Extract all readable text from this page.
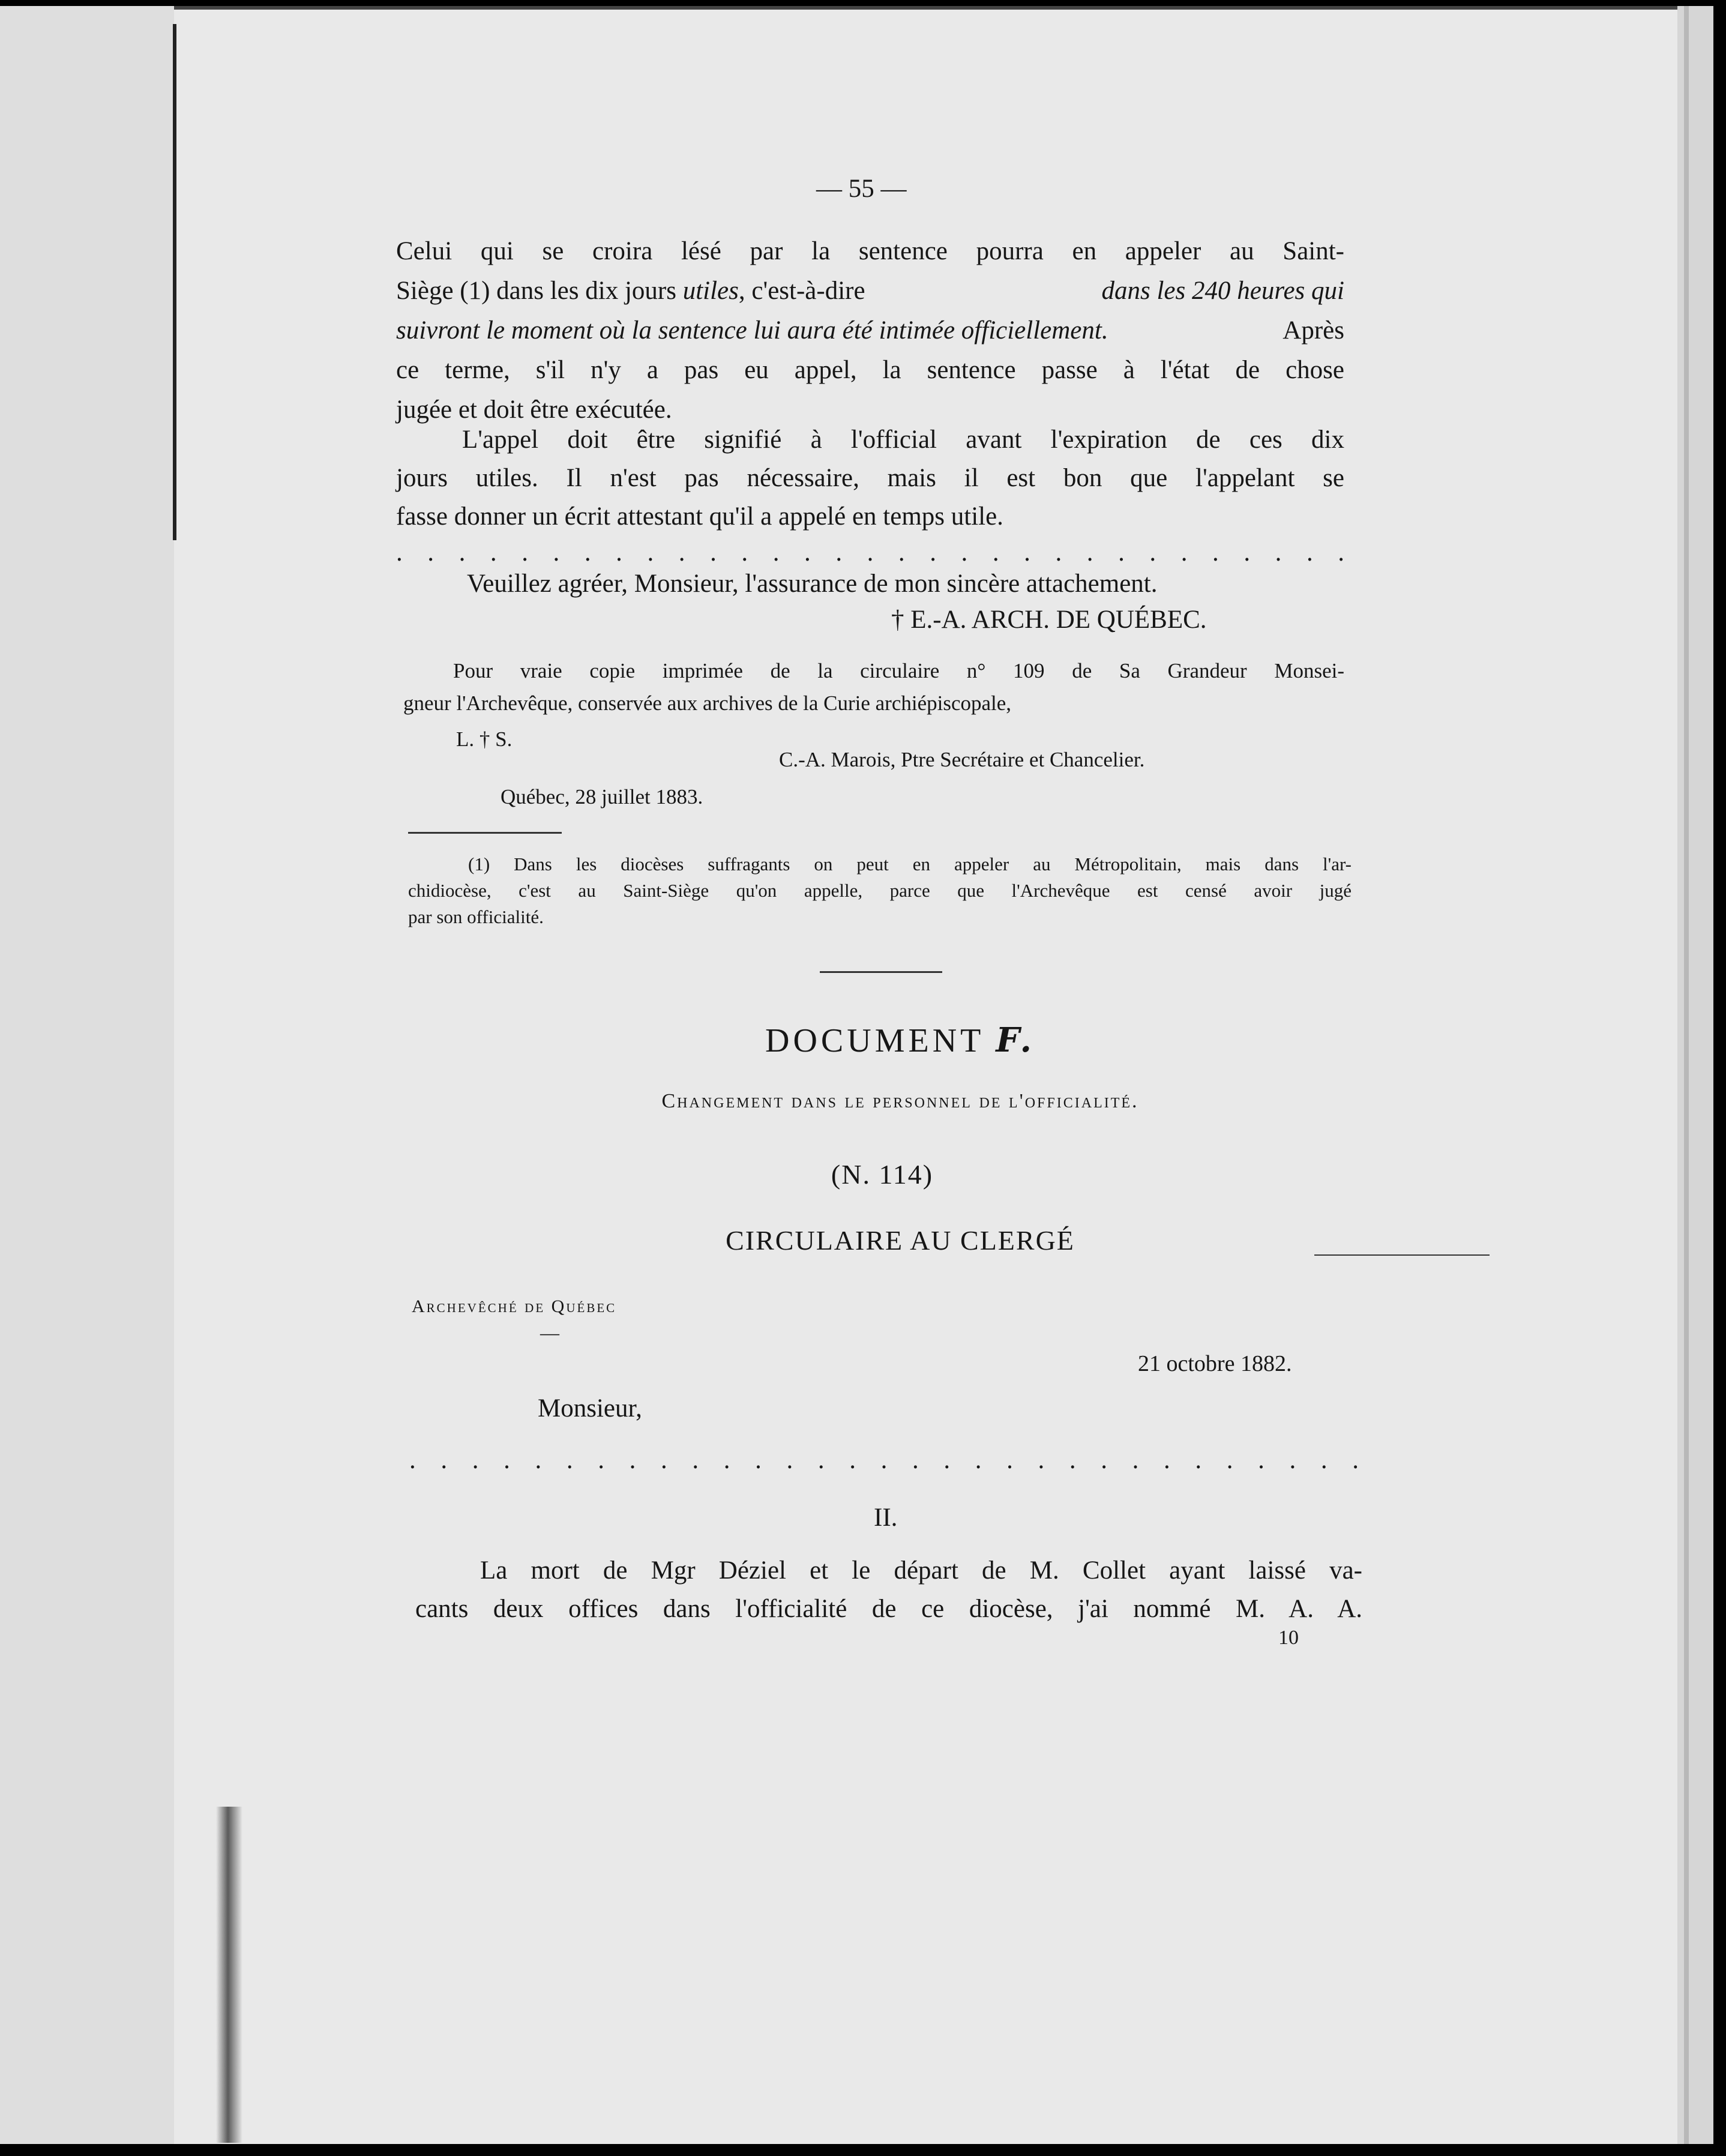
— 55 —
Celui qui se croira lésé par la sentence pourra en appeler au Saint-
Siège (1) dans les dix jours utiles, c'est-à-dire	dans les 240 heures qui
suivront le moment où la sentence lui aura été intimée officiellement.	Après
ce terme, s'il n'y a pas eu appel, la sentence passe à l'état de chose
jugée et doit être exécutée.
L'appel doit être signifié à l'official avant l'expiration de ces dix
jours utiles. Il n'est pas nécessaire, mais il est bon que l'appelant se
fasse donner un écrit attestant qu'il a appelé en temps utile.
. . . . . . . . . . . . . . . . . . . . . . . . . . . . . . .
Veuillez agréer, Monsieur, l'assurance de mon sincère attachement.
† E.-A. ARCH. DE QUÉBEC.
Pour vraie copie imprimée de la circulaire n° 109 de Sa Grandeur Monsei-
gneur l'Archevêque, conservée aux archives de la Curie archiépiscopale,
L. † S.
C.-A. Marois, Ptre Secrétaire et Chancelier.
Québec, 28 juillet 1883.
(1) Dans les diocèses suffragants on peut en appeler au Métropolitain, mais dans l'ar-
chidiocèse, c'est au Saint-Siège qu'on appelle, parce que l'Archevêque est censé avoir jugé
par son officialité.
DOCUMENT F.
Changement dans le personnel de l'officialité.
(N. 114)
CIRCULAIRE AU CLERGÉ
Archevêché de Québec
—
21 octobre 1882.
Monsieur,
. . . . . . . . . . . . . . . . . . . . . . . . . . . . . . .
II.
La mort de Mgr Déziel et le départ de M. Collet ayant laissé va-
cants deux offices dans l'officialité de ce diocèse, j'ai nommé M. A. A.
10
